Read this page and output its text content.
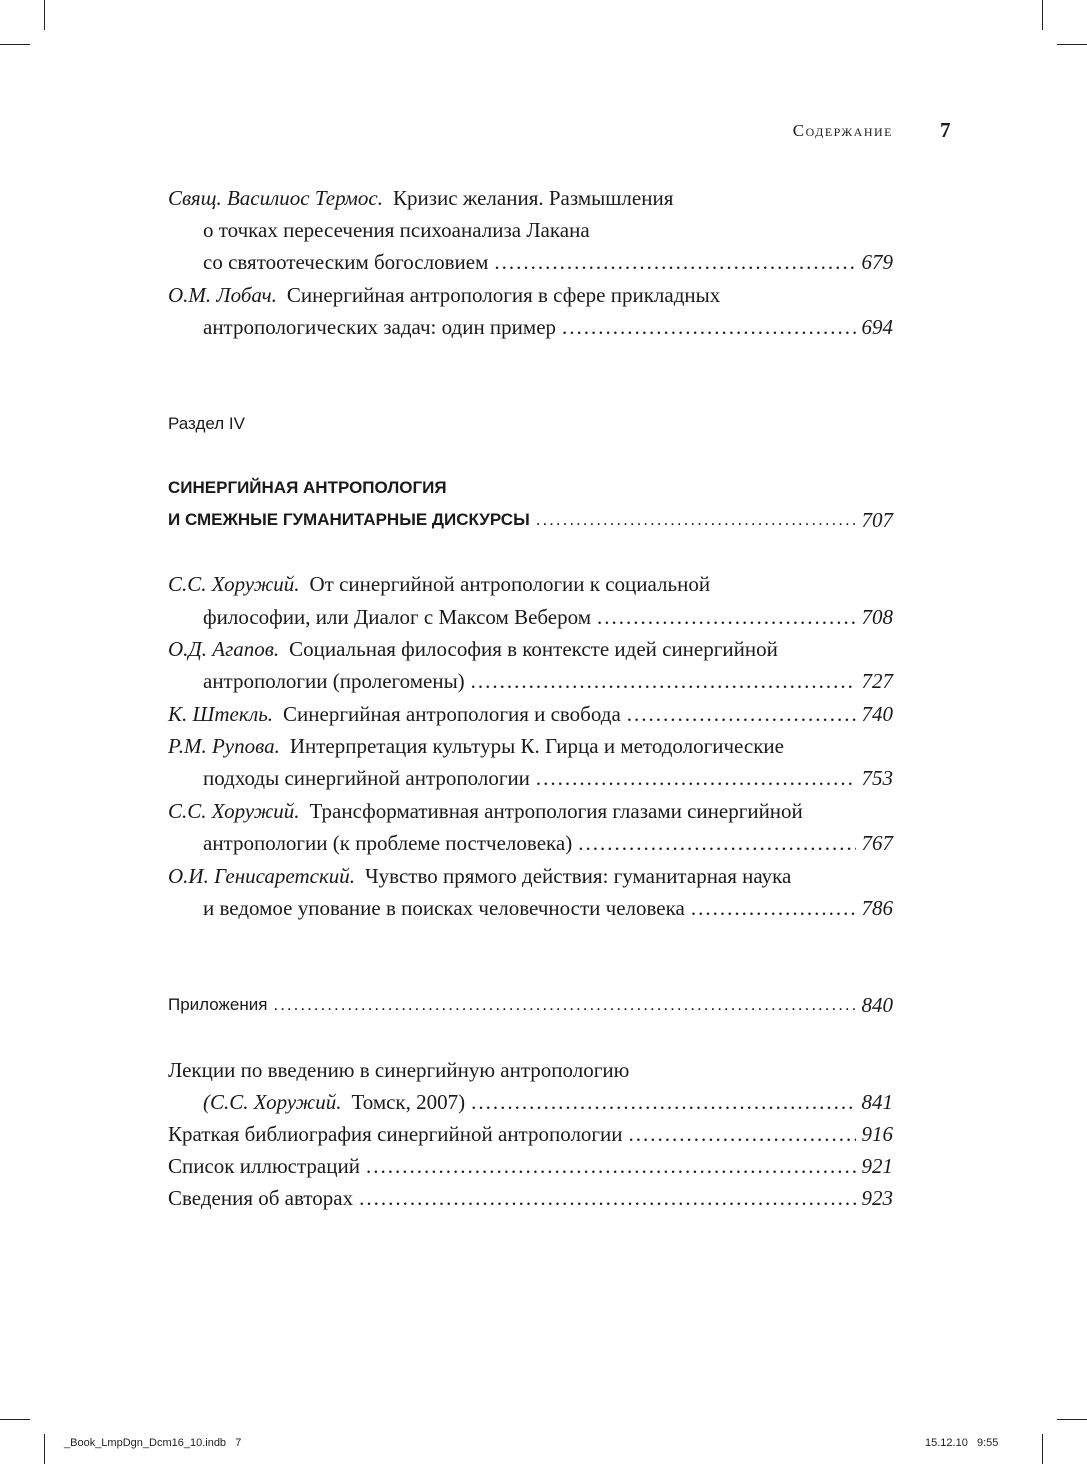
Содержание 7
Свящ. Василиос Термос. Кризис желания. Размышления
о точках пересечения психоанализа Лакана
со святоотеческим богословием .....	679
О.М. Лобач. Синергийная антропология в сфере прикладных
антропологических задач: один пример .....	694
Раздел IV
СИНЕРГИЙНАЯ АНТРОПОЛОГИЯ
И СМЕЖНЫЕ ГУМАНИТАРНЫЕ ДИСКУРСЫ .....	707
С.С. Хоружий. От синергийной антропологии к социальной
философии, или Диалог с Максом Вебером .....	708
О.Д. Агапов. Социальная философия в контексте идей синергийной
антропологии (пролегомены) .....	727
К. Штекль. Синергийная антропология и свобода .....	740
Р.М. Рупова. Интерпретация культуры К. Гирца и методологические
подходы синергийной антропологии .....	753
С.С. Хоружий. Трансформативная антропология глазами синергийной
антропологии (к проблеме постчеловека) .....	767
О.И. Генисаретский. Чувство прямого действия: гуманитарная наука
и ведомое упование в поисках человечности человека .....	786
Приложения .....	840
Лекции по введению в синергийную антропологию
(С.С. Хоружий. Томск, 2007) .....	841
Краткая библиография синергийной антропологии .....	916
Список иллюстраций .....	921
Сведения об авторах .....	923
_Book_LmpDgn_Dcm16_10.indb   7	15.12.10   9:55
